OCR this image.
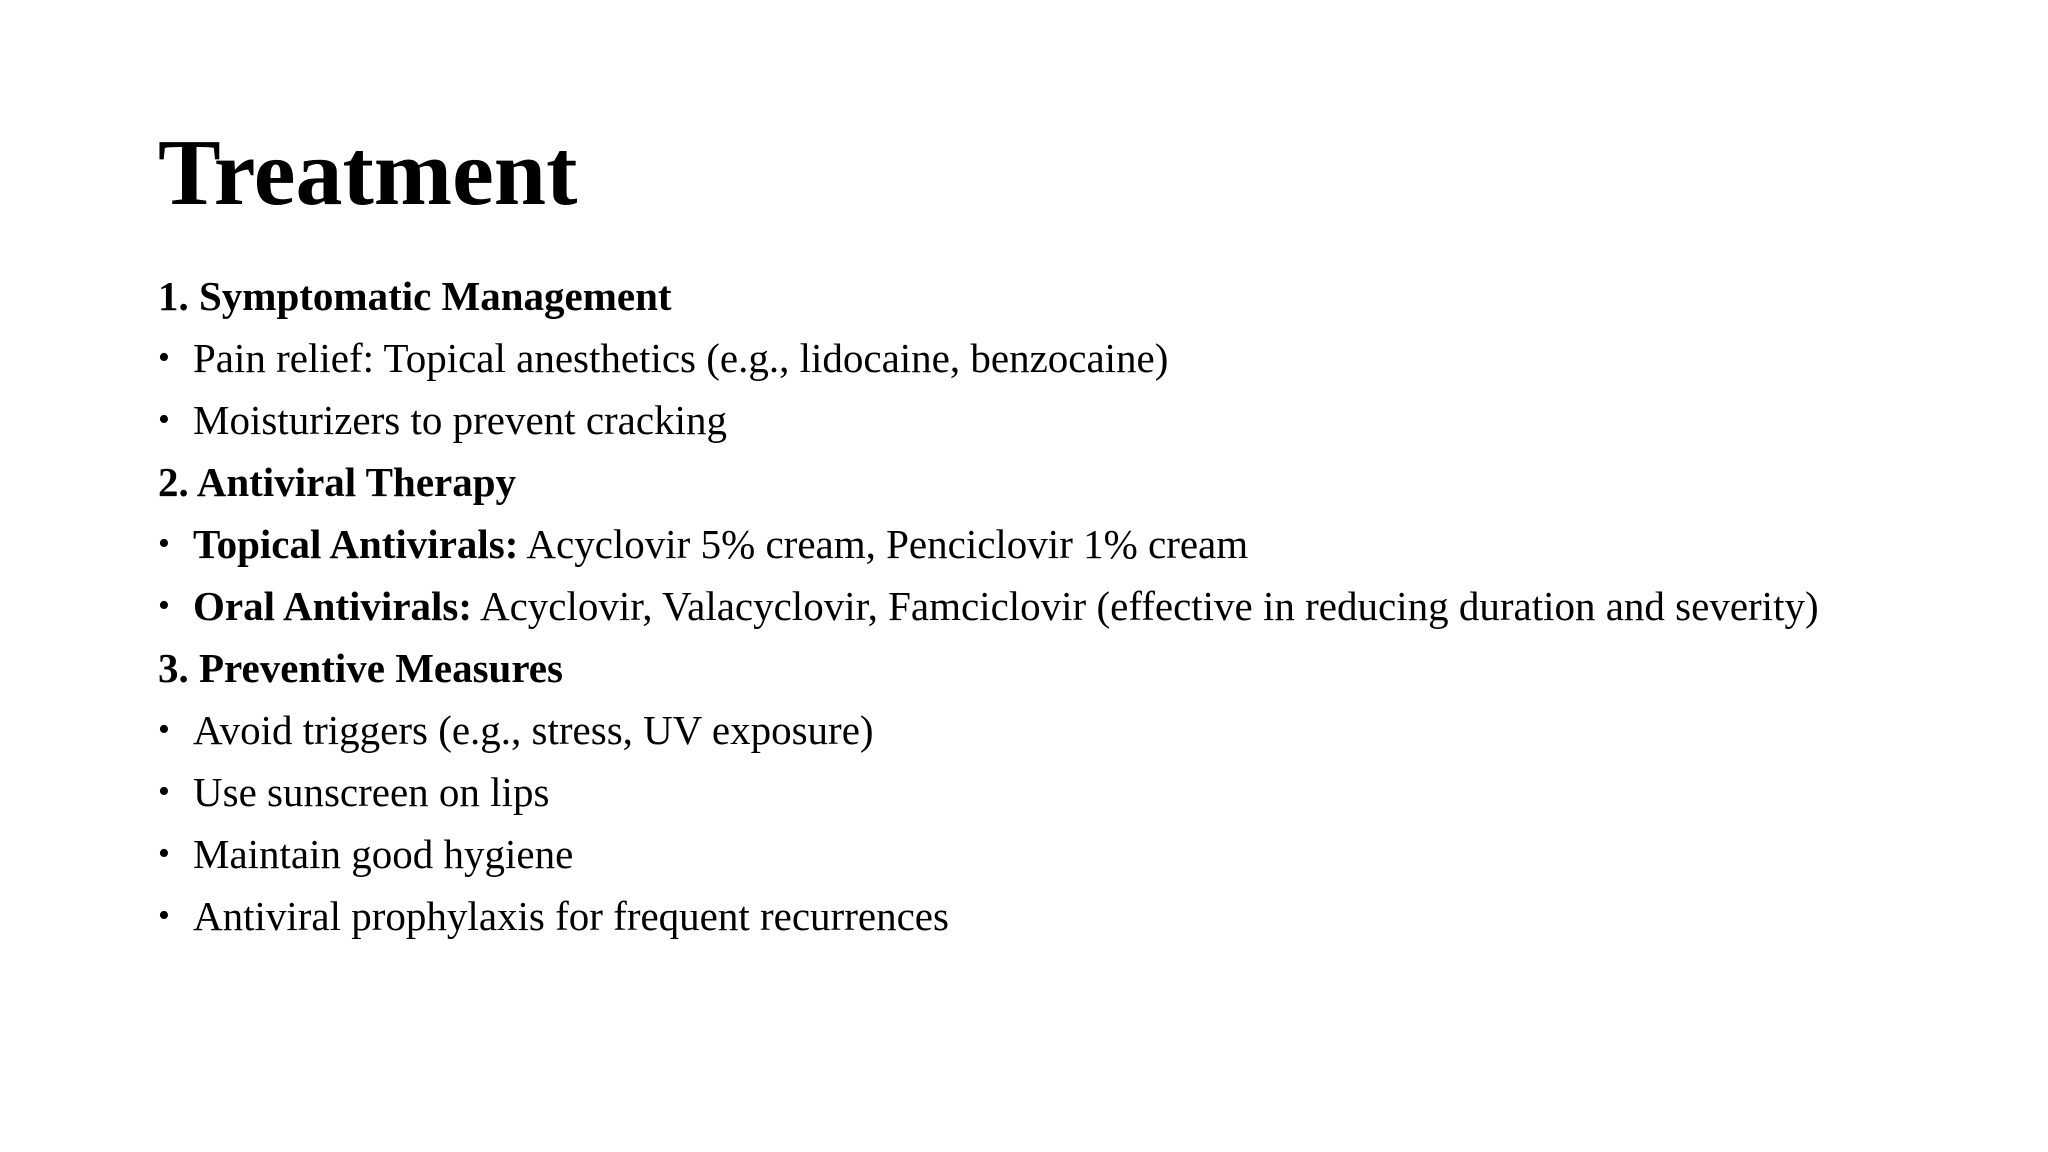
Treatment
1. Symptomatic Management
• Pain relief: Topical anesthetics (e.g., lidocaine, benzocaine)
• Moisturizers to prevent cracking
2. Antiviral Therapy
• Topical Antivirals: Acyclovir 5% cream, Penciclovir 1% cream
• Oral Antivirals: Acyclovir, Valacyclovir, Famciclovir (effective in reducing duration and severity)
3. Preventive Measures
• Avoid triggers (e.g., stress, UV exposure)
• Use sunscreen on lips
• Maintain good hygiene
• Antiviral prophylaxis for frequent recurrences
